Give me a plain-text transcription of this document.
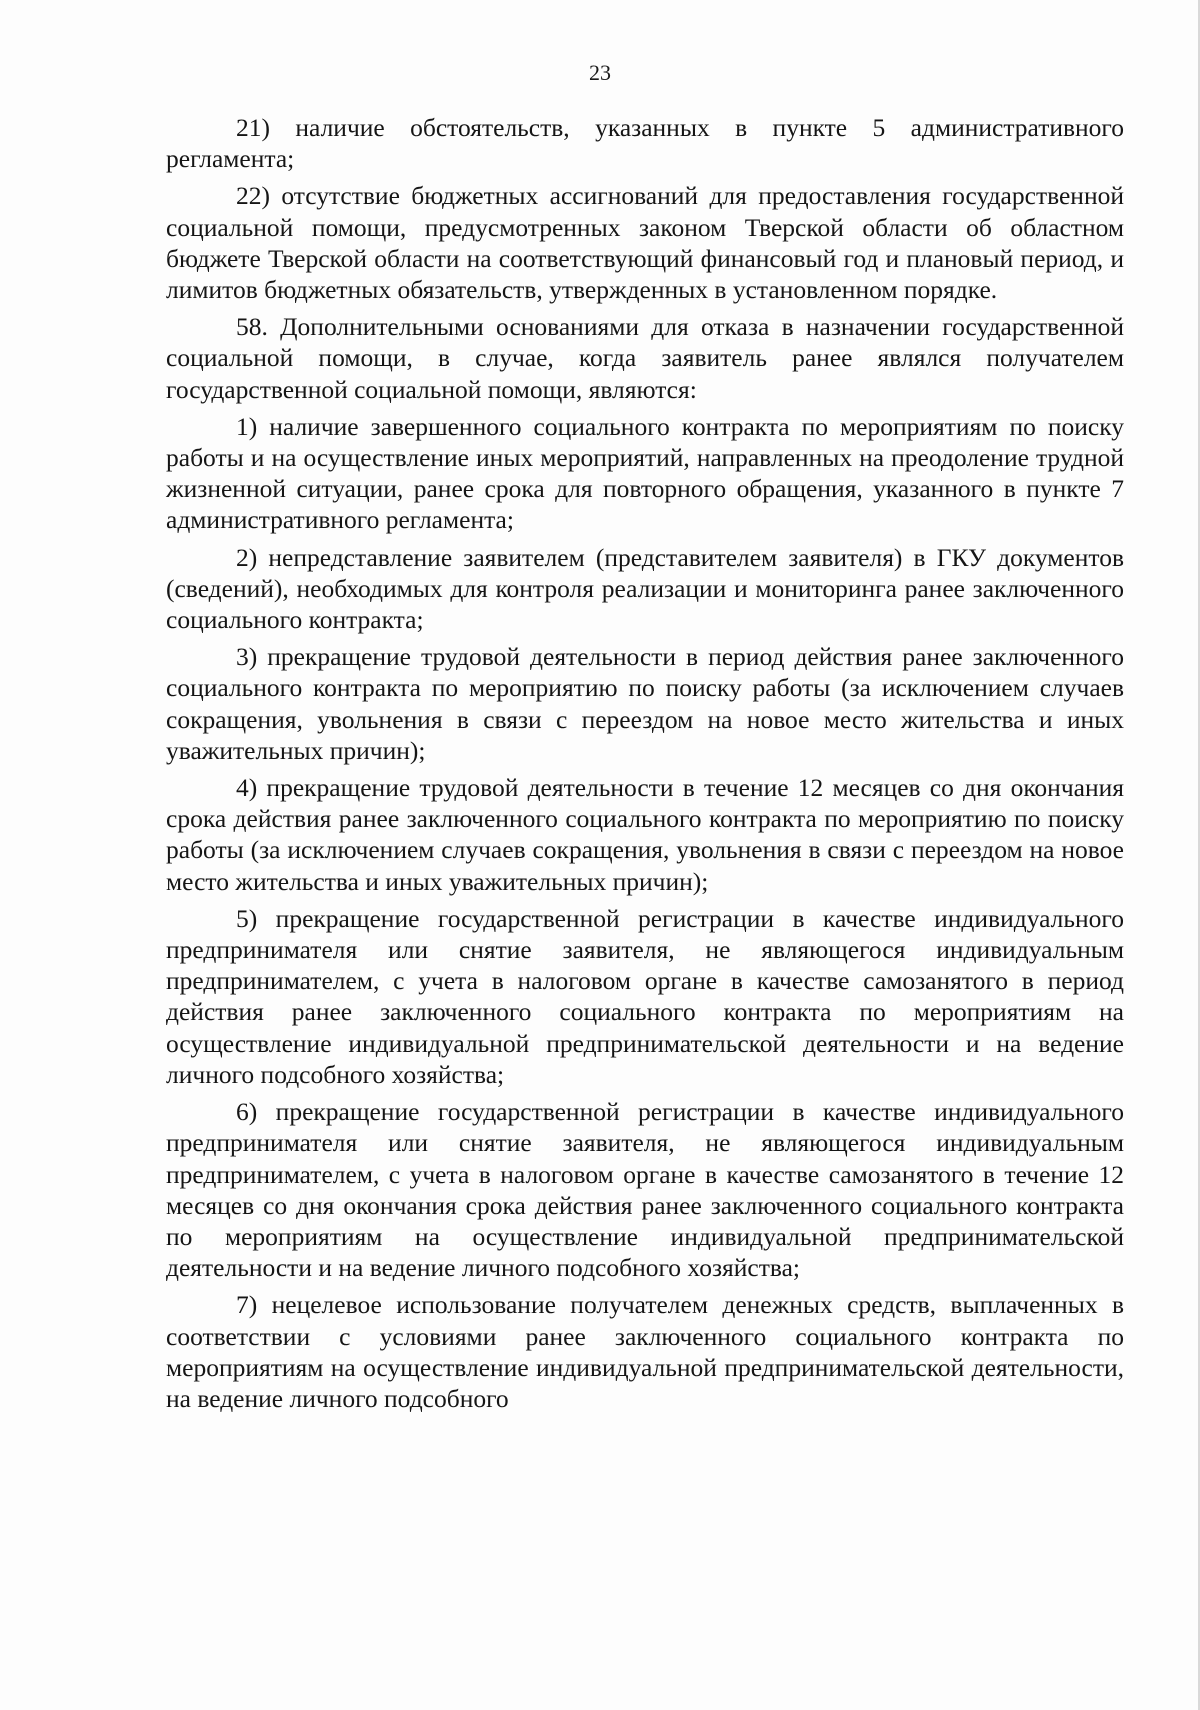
23

21) наличие обстоятельств, указанных в пункте 5 административного регламента;

22) отсутствие бюджетных ассигнований для предоставления государственной социальной помощи, предусмотренных законом Тверской области об областном бюджете Тверской области на соответствующий финансовый год и плановый период, и лимитов бюджетных обязательств, утвержденных в установленном порядке.

58. Дополнительными основаниями для отказа в назначении государственной социальной помощи, в случае, когда заявитель ранее являлся получателем государственной социальной помощи, являются:

1) наличие завершенного социального контракта по мероприятиям по поиску работы и на осуществление иных мероприятий, направленных на преодоление трудной жизненной ситуации, ранее срока для повторного обращения, указанного в пункте 7 административного регламента;

2) непредставление заявителем (представителем заявителя) в ГКУ документов (сведений), необходимых для контроля реализации и мониторинга ранее заключенного социального контракта;

3) прекращение трудовой деятельности в период действия ранее заключенного социального контракта по мероприятию по поиску работы (за исключением случаев сокращения, увольнения в связи с переездом на новое место жительства и иных уважительных причин);

4) прекращение трудовой деятельности в течение 12 месяцев со дня окончания срока действия ранее заключенного социального контракта по мероприятию по поиску работы (за исключением случаев сокращения, увольнения в связи с переездом на новое место жительства и иных уважительных причин);

5) прекращение государственной регистрации в качестве индивидуального предпринимателя или снятие заявителя, не являющегося индивидуальным предпринимателем, с учета в налоговом органе в качестве самозанятого в период действия ранее заключенного социального контракта по мероприятиям на осуществление индивидуальной предпринимательской деятельности и на ведение личного подсобного хозяйства;

6) прекращение государственной регистрации в качестве индивидуального предпринимателя или снятие заявителя, не являющегося индивидуальным предпринимателем, с учета в налоговом органе в качестве самозанятого в течение 12 месяцев со дня окончания срока действия ранее заключенного социального контракта по мероприятиям на осуществление индивидуальной предпринимательской деятельности и на ведение личного подсобного хозяйства;

7) нецелевое использование получателем денежных средств, выплаченных в соответствии с условиями ранее заключенного социального контракта по мероприятиям на осуществление индивидуальной предпринимательской деятельности, на ведение личного подсобного
